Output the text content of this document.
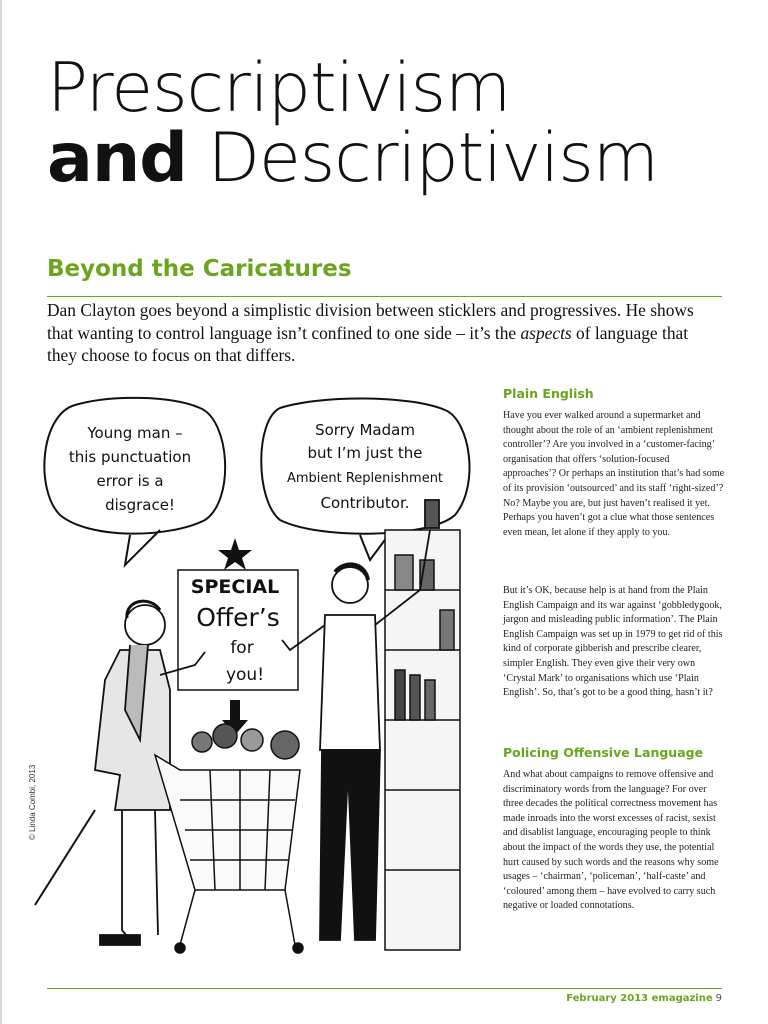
Prescriptivism
and Descriptivism
Beyond the Caricatures

Dan Clayton goes beyond a simplistic division between sticklers and progressives. He shows that wanting to control language isn’t confined to one side – it’s the aspects of language that they choose to focus on that differs.

Young man –
this punctuation
error is a
disgrace!
Sorry Madam
but I’m just the
Ambient Replenishment
Contributor.
SPECIAL
Offer’s
for
you!
© Linda Combi, 2013
Plain English

Have you ever walked around a supermarket and thought about the role of an ‘ambient replenishment controller’? Are you involved in a ‘customer-facing’ organisation that offers ‘solution-focused approaches’? Or perhaps an institution that’s had some of its provision ‘outsourced’ and its staff ‘right-sized’? No? Maybe you are, but just haven’t realised it yet. Perhaps you haven’t got a clue what those sentences even mean, let alone if they apply to you.

But it’s OK, because help is at hand from the Plain English Campaign and its war against ‘gobbledygook, jargon and misleading public information’. The Plain English Campaign was set up in 1979 to get rid of this kind of corporate gibberish and prescribe clearer, simpler English. They even give their very own ‘Crystal Mark’ to organisations which use ‘Plain English’. So, that’s got to be a good thing, hasn’t it?

Policing Offensive Language

And what about campaigns to remove offensive and discriminatory words from the language? For over three decades the political correctness movement has made inroads into the worst excesses of racist, sexist and disablist language, encouraging people to think about the impact of the words they use, the potential hurt caused by such words and the reasons why some usages – ‘chairman’, ‘policeman’, ‘half-caste’ and ‘coloured’ among them – have evolved to carry such negative or loaded connotations.

February 2013 emagazine 9
